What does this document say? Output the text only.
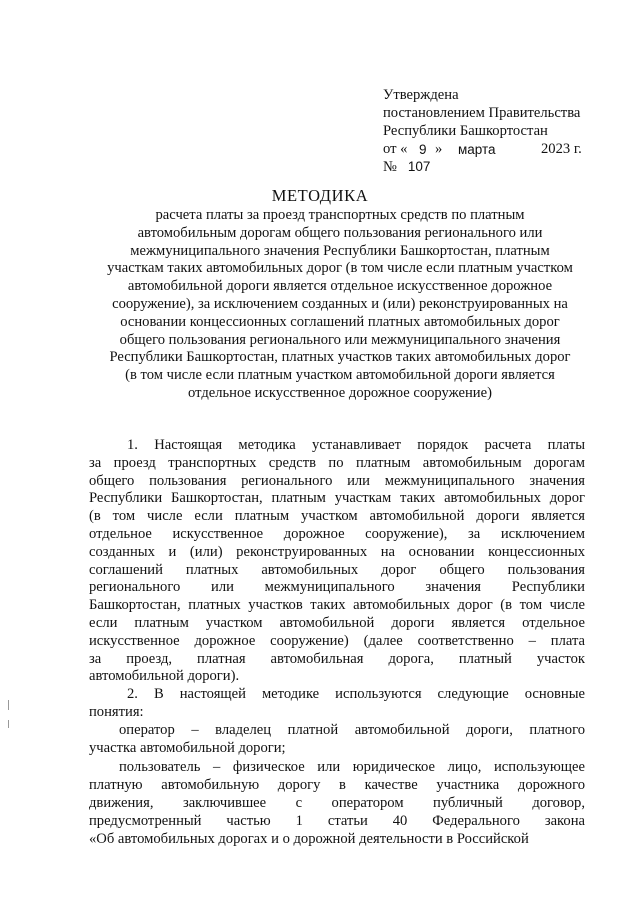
Утверждена
постановлением Правительства
Республики Башкортостан
от « 9 » марта	2023 г.
№ 107
МЕТОДИКА
расчета платы за проезд транспортных средств по платным
автомобильным дорогам общего пользования регионального или
межмуниципального значения Республики Башкортостан, платным
участкам таких автомобильных дорог (в том числе если платным участком
автомобильной дороги является отдельное искусственное дорожное
сооружение), за исключением созданных и (или) реконструированных на
основании концессионных соглашений платных автомобильных дорог
общего пользования регионального или межмуниципального значения
Республики Башкортостан, платных участков таких автомобильных дорог
(в том числе если платным участком автомобильной дороги является
отдельное искусственное дорожное сооружение)
1. Настоящая методика устанавливает порядок расчета платы
за проезд транспортных средств по платным автомобильным дорогам
общего пользования регионального или межмуниципального значения
Республики Башкортостан, платным участкам таких автомобильных дорог
(в том числе если платным участком автомобильной дороги является
отдельное искусственное дорожное сооружение), за исключением
созданных и (или) реконструированных на основании концессионных
соглашений платных автомобильных дорог общего пользования
регионального или межмуниципального значения Республики
Башкортостан, платных участков таких автомобильных дорог (в том числе
если платным участком автомобильной дороги является отдельное
искусственное дорожное сооружение) (далее соответственно – плата
за проезд, платная автомобильная дорога, платный участок
автомобильной дороги).
2. В настоящей методике используются следующие основные
понятия:
оператор – владелец платной автомобильной дороги, платного
участка автомобильной дороги;
пользователь – физическое или юридическое лицо, использующее
платную автомобильную дорогу в качестве участника дорожного
движения, заключившее с оператором публичный договор,
предусмотренный частью 1 статьи 40 Федерального закона
«Об автомобильных дорогах и о дорожной деятельности в Российской
